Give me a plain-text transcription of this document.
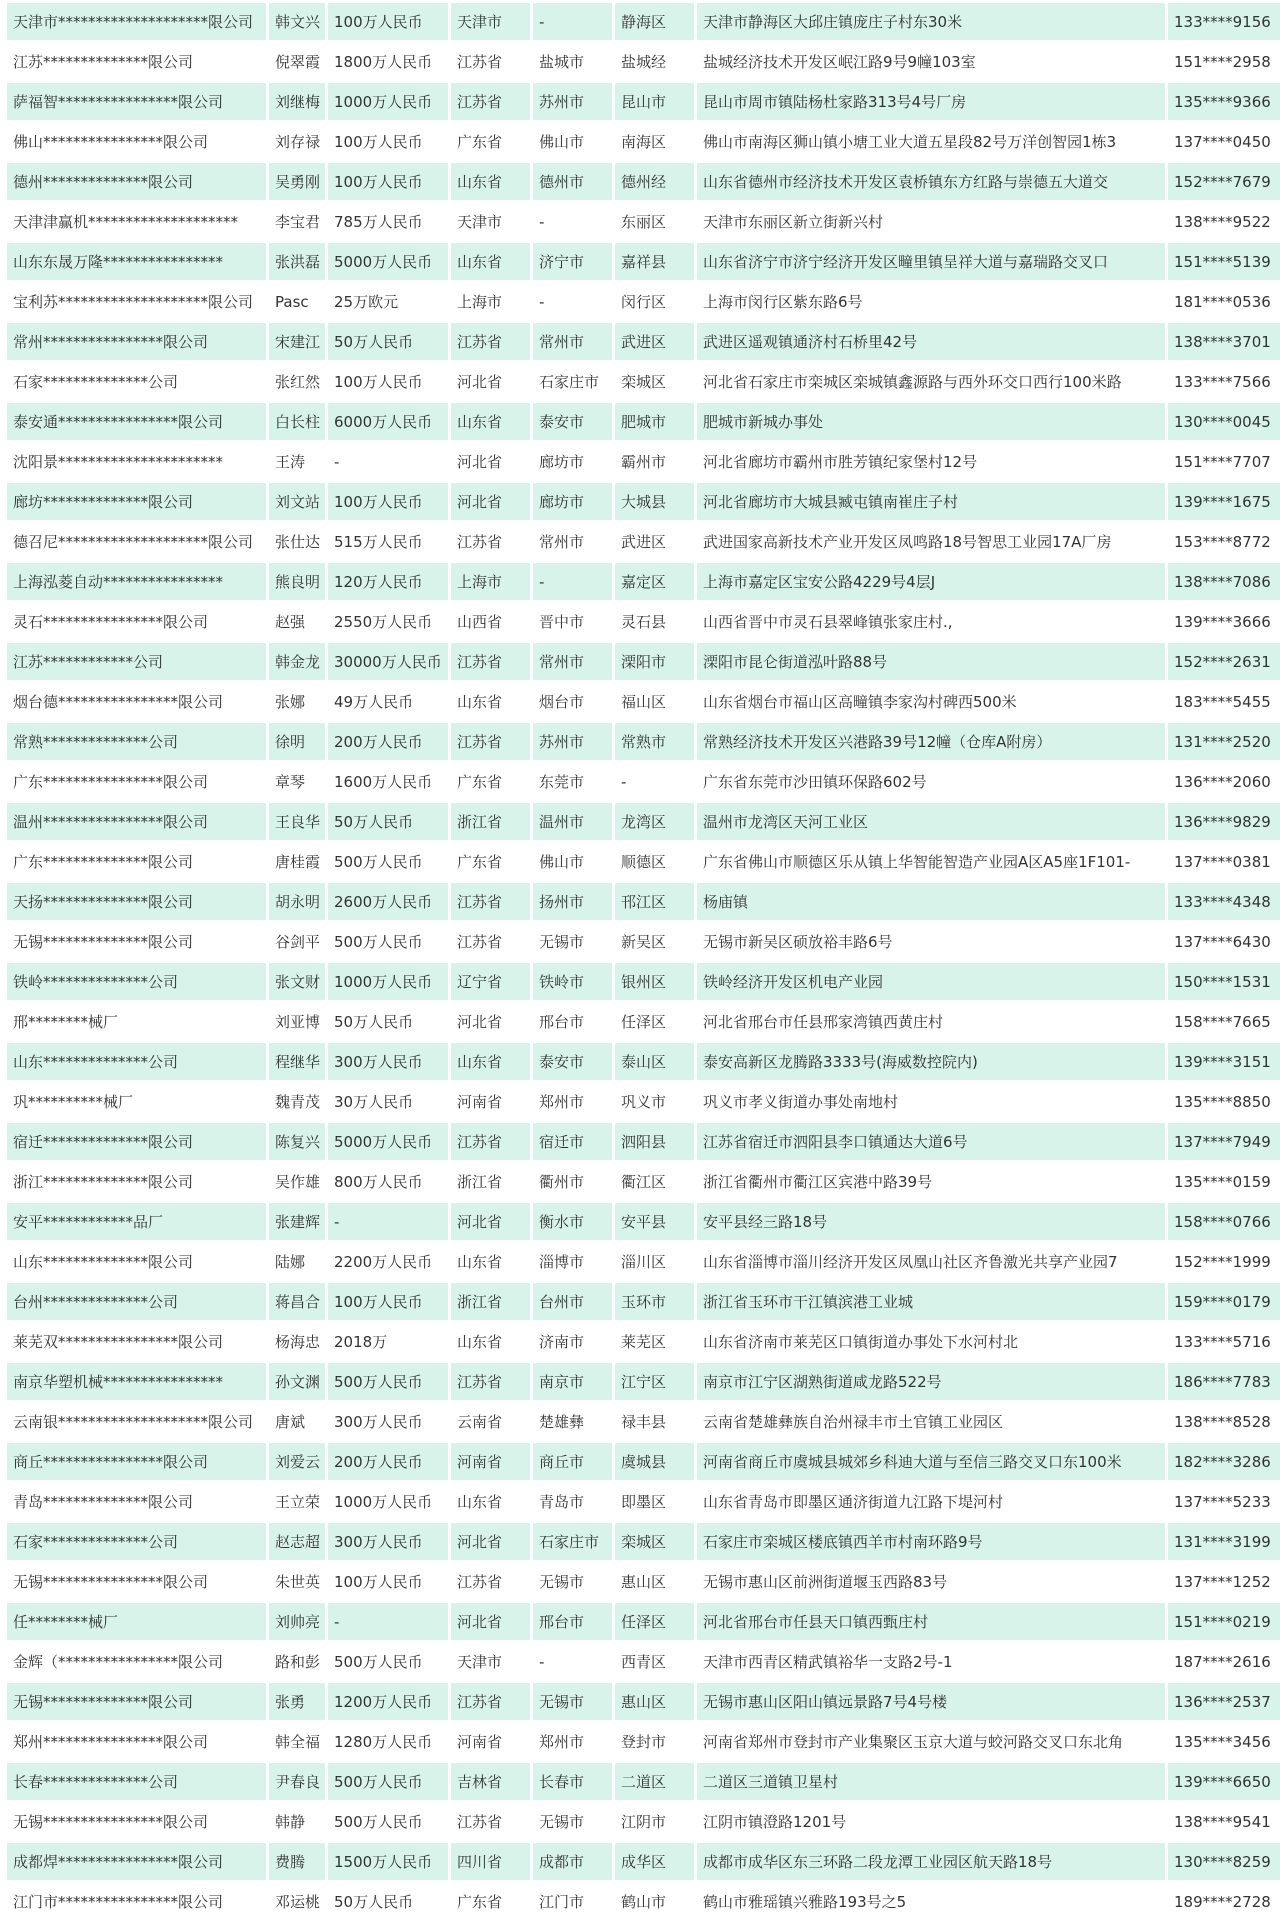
天津市********************限公司	韩文兴	100万人民币	天津市	-	静海区	天津市静海区大邱庄镇庞庄子村东30米	133****9156
江苏**************限公司	倪翠霞	1800万人民币	江苏省	盐城市	盐城经	盐城经济技术开发区岷江路9号9幢103室	151****2958
萨福智****************限公司	刘继梅	1000万人民币	江苏省	苏州市	昆山市	昆山市周市镇陆杨杜家路313号4号厂房	135****9366
佛山****************限公司	刘存禄	100万人民币	广东省	佛山市	南海区	佛山市南海区狮山镇小塘工业大道五星段82号万洋创智园1栋3	137****0450
德州**************限公司	吴勇刚	100万人民币	山东省	德州市	德州经	山东省德州市经济技术开发区袁桥镇东方红路与崇德五大道交	152****7679
天津津赢机********************	李宝君	785万人民币	天津市	-	东丽区	天津市东丽区新立街新兴村	138****9522
山东东晟万隆****************	张洪磊	5000万人民币	山东省	济宁市	嘉祥县	山东省济宁市济宁经济开发区疃里镇呈祥大道与嘉瑞路交叉口	151****5139
宝利苏********************限公司	Pasc	25万欧元	上海市	-	闵行区	上海市闵行区紫东路6号	181****0536
常州****************限公司	宋建江	50万人民币	江苏省	常州市	武进区	武进区遥观镇通济村石桥里42号	138****3701
石家**************公司	张红然	100万人民币	河北省	石家庄市	栾城区	河北省石家庄市栾城区栾城镇鑫源路与西外环交口西行100米路	133****7566
泰安通****************限公司	白长柱	6000万人民币	山东省	泰安市	肥城市	肥城市新城办事处	130****0045
沈阳景**********************	王涛	-	河北省	廊坊市	霸州市	河北省廊坊市霸州市胜芳镇纪家堡村12号	151****7707
廊坊**************限公司	刘文站	100万人民币	河北省	廊坊市	大城县	河北省廊坊市大城县臧屯镇南崔庄子村	139****1675
德召尼********************限公司	张仕达	515万人民币	江苏省	常州市	武进区	武进国家高新技术产业开发区凤鸣路18号智思工业园17A厂房	153****8772
上海泓菱自动****************	熊良明	120万人民币	上海市	-	嘉定区	上海市嘉定区宝安公路4229号4层J	138****7086
灵石****************限公司	赵强	2550万人民币	山西省	晋中市	灵石县	山西省晋中市灵石县翠峰镇张家庄村.,	139****3666
江苏************公司	韩金龙	30000万人民币	江苏省	常州市	溧阳市	溧阳市昆仑街道泓叶路88号	152****2631
烟台德****************限公司	张娜	49万人民币	山东省	烟台市	福山区	山东省烟台市福山区高疃镇李家沟村碑西500米	183****5455
常熟**************公司	徐明	200万人民币	江苏省	苏州市	常熟市	常熟经济技术开发区兴港路39号12幢（仓库A附房）	131****2520
广东****************限公司	章琴	1600万人民币	广东省	东莞市	-	广东省东莞市沙田镇环保路602号	136****2060
温州****************限公司	王良华	50万人民币	浙江省	温州市	龙湾区	温州市龙湾区天河工业区	136****9829
广东**************限公司	唐桂霞	500万人民币	广东省	佛山市	顺德区	广东省佛山市顺德区乐从镇上华智能智造产业园A区A5座1F101-	137****0381
天扬**************限公司	胡永明	2600万人民币	江苏省	扬州市	邗江区	杨庙镇	133****4348
无锡**************限公司	谷剑平	500万人民币	江苏省	无锡市	新吴区	无锡市新吴区硕放裕丰路6号	137****6430
铁岭**************公司	张文财	1000万人民币	辽宁省	铁岭市	银州区	铁岭经济开发区机电产业园	150****1531
邢********械厂	刘亚博	50万人民币	河北省	邢台市	任泽区	河北省邢台市任县邢家湾镇西黄庄村	158****7665
山东**************公司	程继华	300万人民币	山东省	泰安市	泰山区	泰安高新区龙腾路3333号(海威数控院内)	139****3151
巩**********械厂	魏青茂	30万人民币	河南省	郑州市	巩义市	巩义市孝义街道办事处南地村	135****8850
宿迁**************限公司	陈复兴	5000万人民币	江苏省	宿迁市	泗阳县	江苏省宿迁市泗阳县李口镇通达大道6号	137****7949
浙江**************限公司	吴作雄	800万人民币	浙江省	衢州市	衢江区	浙江省衢州市衢江区宾港中路39号	135****0159
安平************品厂	张建辉	-	河北省	衡水市	安平县	安平县经三路18号	158****0766
山东**************限公司	陆娜	2200万人民币	山东省	淄博市	淄川区	山东省淄博市淄川经济开发区凤凰山社区齐鲁激光共享产业园7	152****1999
台州**************公司	蒋昌合	100万人民币	浙江省	台州市	玉环市	浙江省玉环市干江镇滨港工业城	159****0179
莱芜双****************限公司	杨海忠	2018万	山东省	济南市	莱芜区	山东省济南市莱芜区口镇街道办事处下水河村北	133****5716
南京华塑机械****************	孙文渊	500万人民币	江苏省	南京市	江宁区	南京市江宁区湖熟街道咸龙路522号	186****7783
云南银********************限公司	唐斌	300万人民币	云南省	楚雄彝	禄丰县	云南省楚雄彝族自治州禄丰市土官镇工业园区	138****8528
商丘****************限公司	刘爱云	200万人民币	河南省	商丘市	虞城县	河南省商丘市虞城县城郊乡科迪大道与至信三路交叉口东100米	182****3286
青岛**************限公司	王立荣	1000万人民币	山东省	青岛市	即墨区	山东省青岛市即墨区通济街道九江路下堤河村	137****5233
石家**************公司	赵志超	300万人民币	河北省	石家庄市	栾城区	石家庄市栾城区楼底镇西羊市村南环路9号	131****3199
无锡****************限公司	朱世英	100万人民币	江苏省	无锡市	惠山区	无锡市惠山区前洲街道堰玉西路83号	137****1252
任********械厂	刘帅亮	-	河北省	邢台市	任泽区	河北省邢台市任县天口镇西甄庄村	151****0219
金辉（****************限公司	路和彭	500万人民币	天津市	-	西青区	天津市西青区精武镇裕华一支路2号-1	187****2616
无锡**************限公司	张勇	1200万人民币	江苏省	无锡市	惠山区	无锡市惠山区阳山镇远景路7号4号楼	136****2537
郑州****************限公司	韩全福	1280万人民币	河南省	郑州市	登封市	河南省郑州市登封市产业集聚区玉京大道与蛟河路交叉口东北角	135****3456
长春**************公司	尹春良	500万人民币	吉林省	长春市	二道区	二道区三道镇卫星村	139****6650
无锡****************限公司	韩静	500万人民币	江苏省	无锡市	江阴市	江阴市镇澄路1201号	138****9541
成都焊****************限公司	费腾	1500万人民币	四川省	成都市	成华区	成都市成华区东三环路二段龙潭工业园区航天路18号	130****8259
江门市****************限公司	邓运桃	50万人民币	广东省	江门市	鹤山市	鹤山市雅瑶镇兴雅路193号之5	189****2728
